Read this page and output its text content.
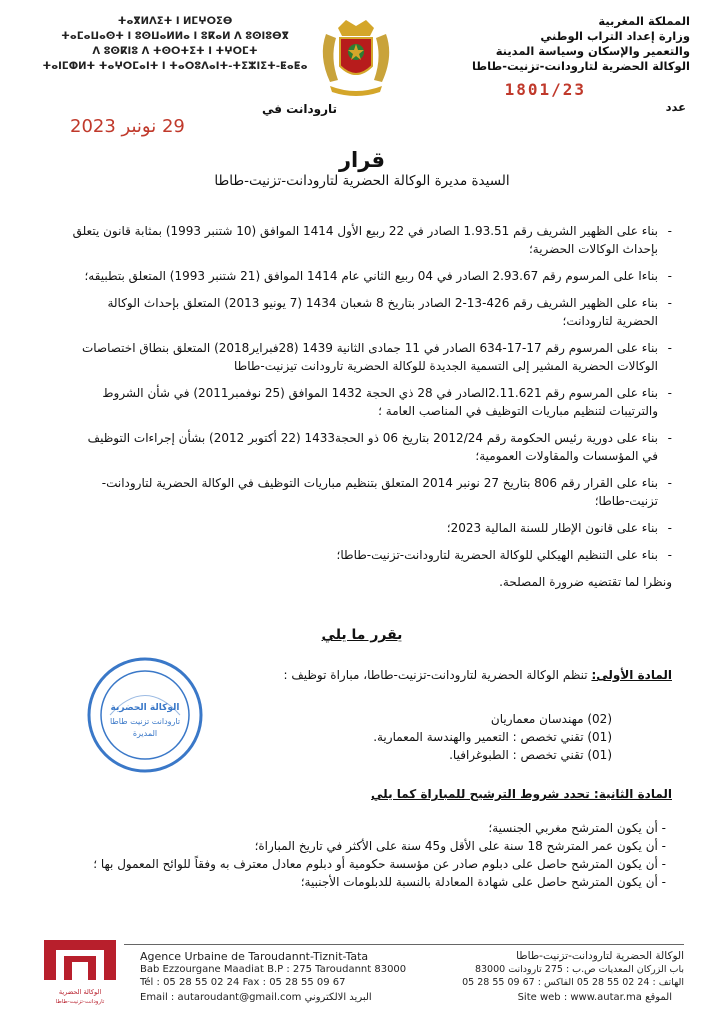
المملكة المغربية
وزارة إعداد التراب الوطني
والتعمير والإسكان وسياسة المدينة
الوكالة الحضرية لتارودانت-تزنيت-طاطا
ⵜⴰⴳⵍⴷⵉⵜ ⵏ ⵍⵎⵖⵔⵉⴱ
ⵜⴰⵎⴰⵡⴰⵙⵜ ⵏ ⵓⵙⵡⴰⵍⵍⴰ ⵏ ⵓⴽⴰⵍ ⴷ ⵓⵙⵏⵓⴱⴳ
ⴷ ⵓⵙⴽⵏⵓ ⴷ ⵜⵙⵔⵜⵉⵜ ⵏ ⵜⵖⵔⵎⵜ
ⵜⴰⵏⵎⵀⵍⵜ ⵜⴰⵖⵔⵎⴰⵏⵜ ⵏ ⵜⴰⵔⵓⴷⴰⵏⵜ-ⵜⵉⵣⵏⵉⵜ-ⵟⴰⵟⴰ
1801/23
عدد
تارودانت في
29 نونبر 2023
قرار
السيدة مديرة الوكالة الحضرية لتارودانت-تزنيت-طاطا
- بناء على الظهير الشريف رقم 1.93.51 الصادر في 22 ربيع الأول 1414 الموافق (10 شتنبر 1993) بمثابة قانون يتعلق بإحداث الوكالات الحضرية؛
- بناءا على المرسوم رقم 2.93.67 الصادر في 04 ربيع الثاني عام 1414 الموافق (21 شتنبر 1993) المتعلق بتطبيقه؛
- بناء على الظهير الشريف رقم 426-13-2 الصادر بتاريخ 8 شعبان 1434 (7 يونيو 2013) المتعلق بإحداث الوكالة الحضرية لتارودانت؛
- بناء على المرسوم رقم 17-17-634 الصادر في 11 جمادى الثانية 1439 (28فبراير2018) المتعلق بنطاق اختصاصات الوكالات الحضرية المشير إلى التسمية الجديدة للوكالة الحضرية تارودانت تيزنيت-طاطا
- بناء على المرسوم رقم 2.11.621الصادر في 28 ذي الحجة 1432 الموافق (25 نوفمبر2011) في شأن الشروط والترتيبات لتنظيم مباريات التوظيف في المناصب العامة ؛
- بناء على دورية رئيس الحكومة رقم 2012/24 بتاريخ 06 ذو الحجة1433 (22 أكتوبر 2012) بشأن إجراءات التوظيف في المؤسسات والمقاولات العمومية؛
- بناء على القرار رقم 806 بتاريخ 27 نونبر 2014 المتعلق بتنظيم مباريات التوظيف في الوكالة الحضرية لتارودانت-تزنيت-طاطا؛
- بناء على قانون الإطار للسنة المالية 2023؛
- بناء على التنظيم الهيكلي للوكالة الحضرية لتارودانت-تزنيت-طاطا؛
ونظرا لما تقتضيه ضرورة المصلحة.
يقرر ما يلي
الوكالة الحضرية
تارودانت تزنيت طاطا
المديرة
المادة الأولى: تنظم الوكالة الحضرية لتارودانت-تزنيت-طاطا، مباراة توظيف :
(02) مهندسان معماريان
(01) تقني تخصص : التعمير والهندسة المعمارية.
(01) تقني تخصص : الطبوغرافيا.
المادة الثانية: تحدد شروط الترشيح للمباراة كما يلي
- أن يكون المترشح مغربي الجنسية؛
- أن يكون عمر المترشح 18 سنة على الأقل و45 سنة على الأكثر في تاريخ المباراة؛
- أن يكون المترشح حاصل على دبلوم صادر عن مؤسسة حكومية أو دبلوم معادل معترف به وفقاً للوائح المعمول بها ؛
- أن يكون المترشح حاصل على شهادة المعادلة بالنسبة للدبلومات الأجنبية؛
الوكالة الحضرية
تارودانت-تزنيت-طاطا
Agence Urbaine de Taroudannt-Tiznit-Tata
Bab Ezzourgane Maadiat B.P : 275 Taroudannt 83000
Tél : 05 28 55 02 24 Fax : 05 28 55 09 67
الوكالة الحضرية لتارودانت-تزنيت-طاطا
باب الزركان المعديات ص.ب : 275 تارودانت 83000
الهاتف : 24 02 55 28 05 الفاكس : 67 09 55 28 05
Email : autaroudant@gmail.com البريد الالكتروني	Site web : www.autar.ma الموقع
